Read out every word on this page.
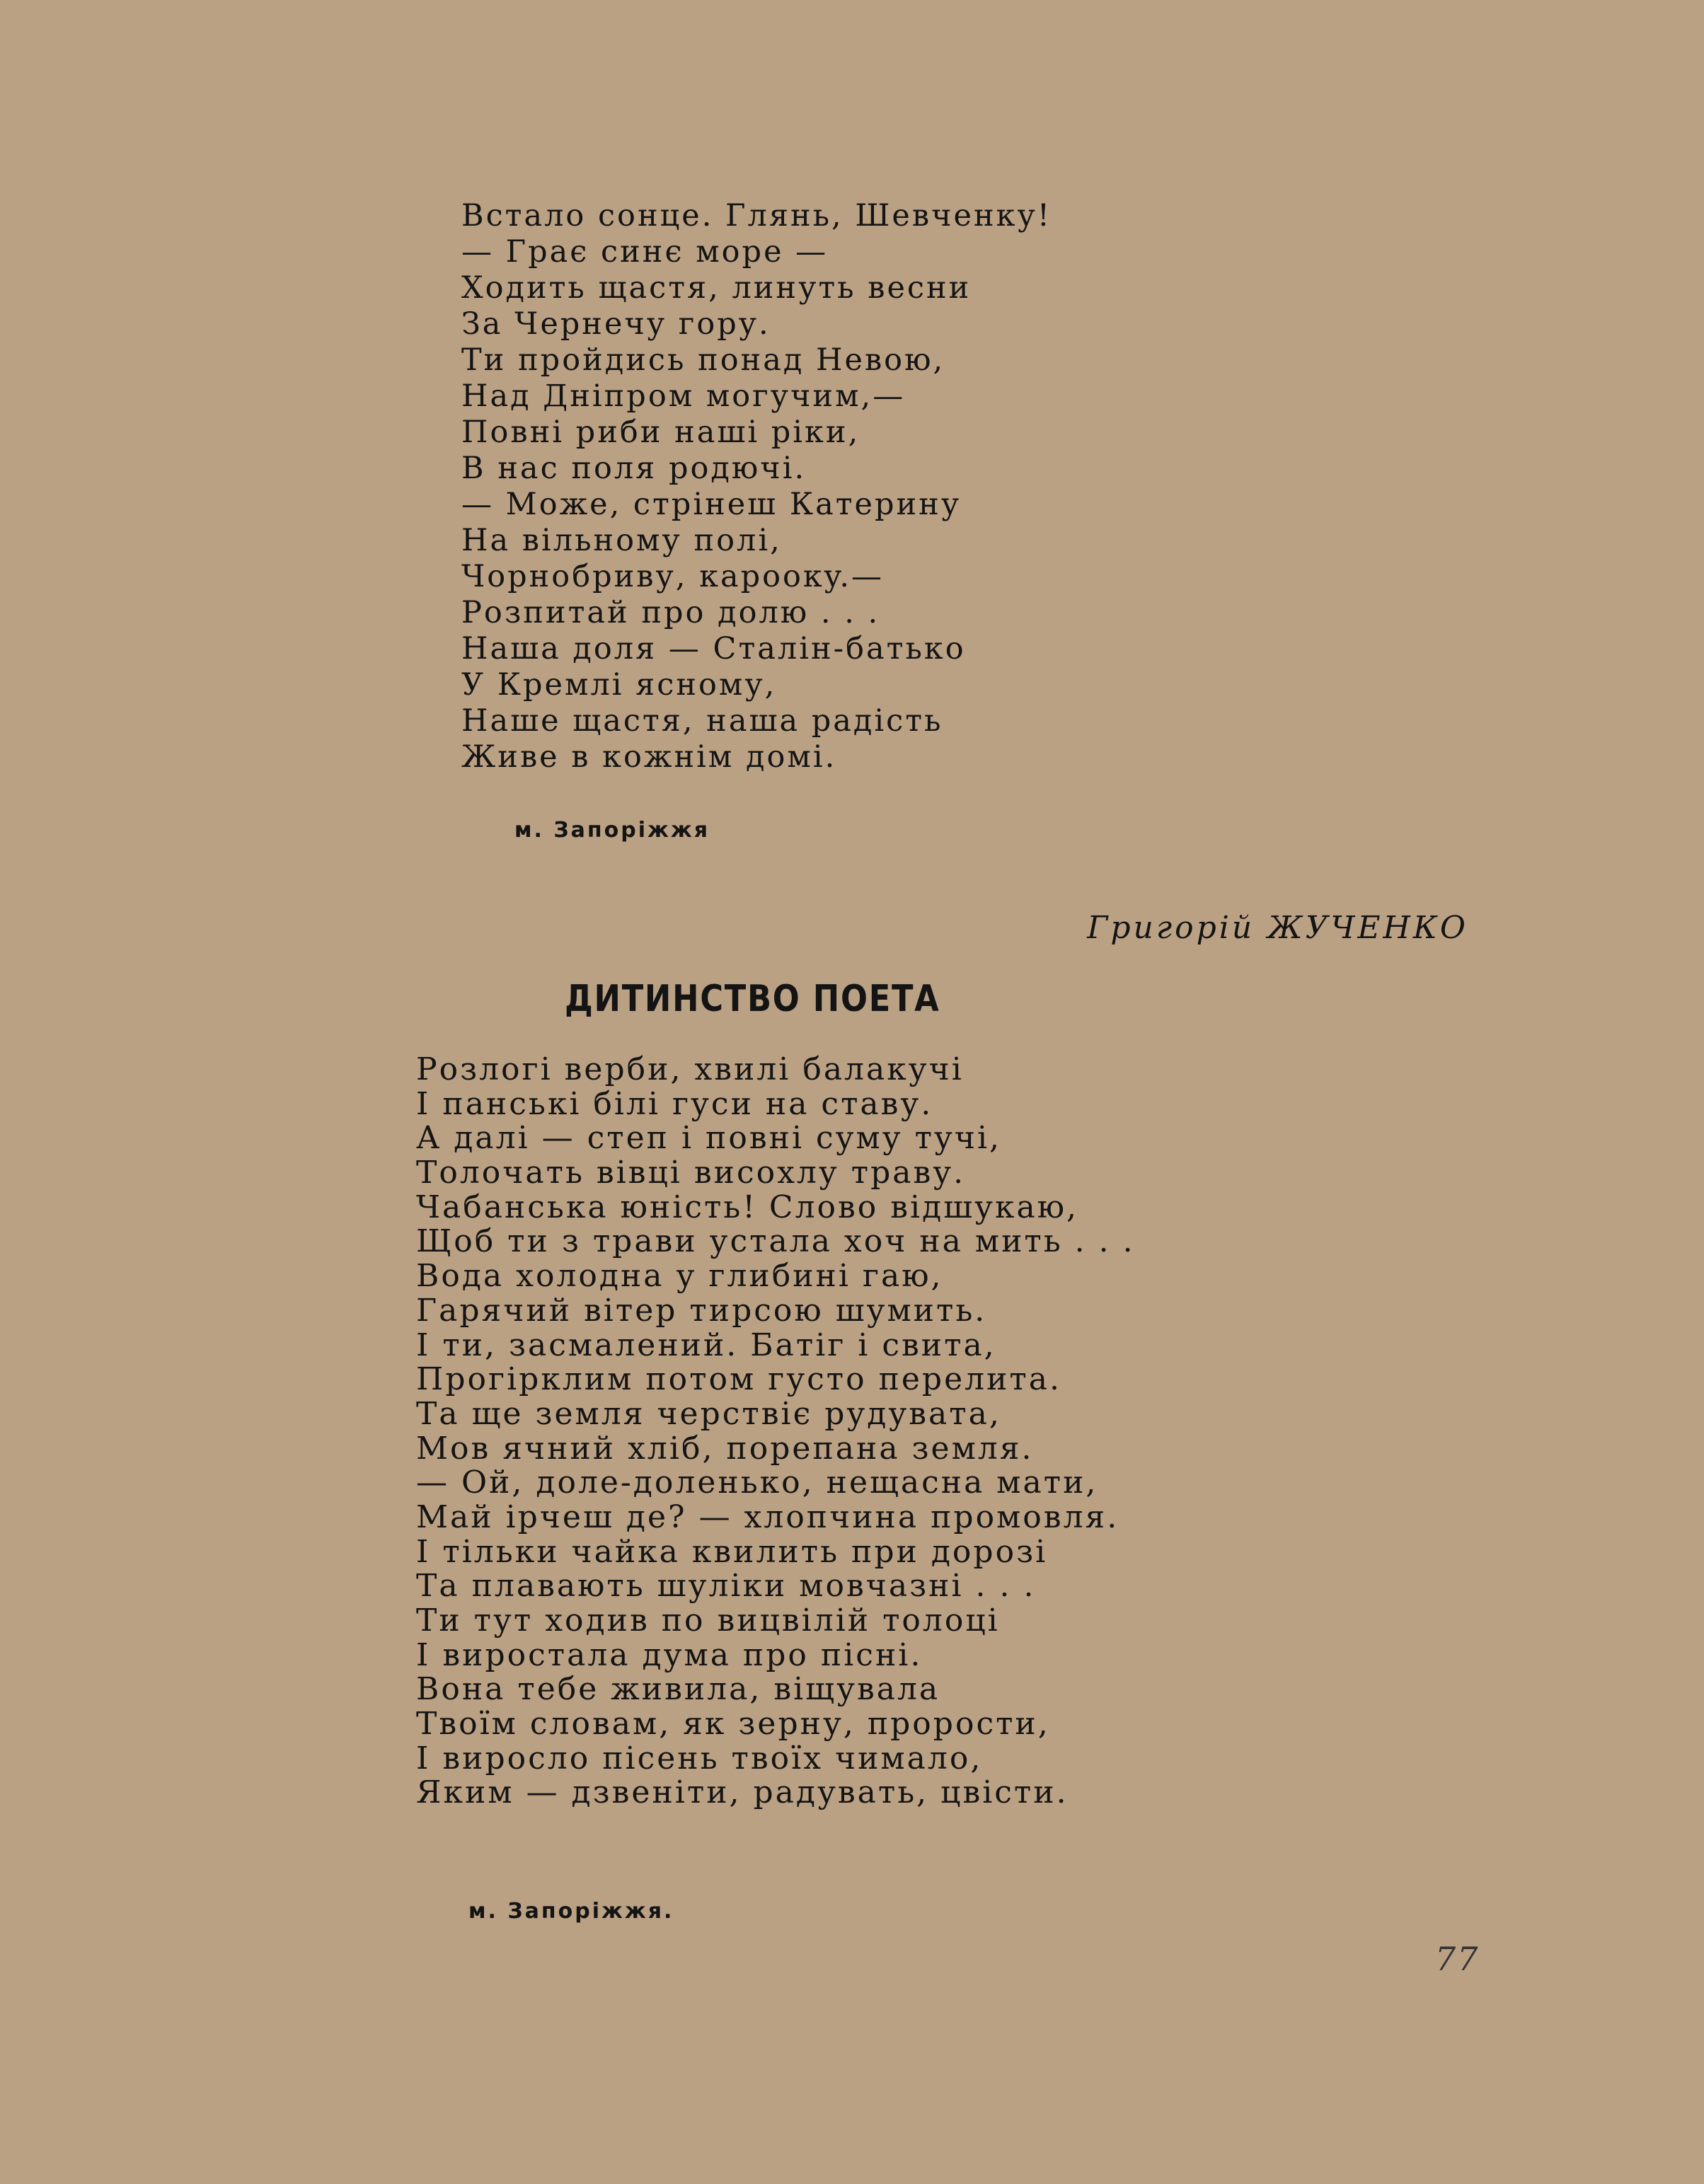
Встало сонце. Глянь, Шевченку!
— Грає синє море —
Ходить щастя, линуть весни
За Чернечу гору.
Ти пройдись понад Невою,
Над Дніпром могучим,—
Повні риби наші ріки,
В нас поля родючі.
— Може, стрінеш Катерину
На вільному полі,
Чорнобриву, кароокy.—
Розпитай про долю . . .
Наша доля — Сталін-батько
У Кремлі ясному,
Наше щастя, наша радість
Живе в кожнім домі.
м. Запоріжжя
Григорій ЖУЧЕНКО
ДИТИНСТВО ПОЕТА
Розлогі верби, хвилі балакучі
І панські білі гуси на ставу.
А далі — степ і повні суму тучі,
Толочать вівці висохлу траву.
Чабанська юність! Слово відшукаю,
Щоб ти з трави устала хоч на мить . . .
Вода холодна у глибині гаю,
Гарячий вітер тирсою шумить.
І ти, засмалений. Батіг і свита,
Прогірклим потом густо перелита.
Та ще земля черствіє рудувата,
Мов ячний хліб, порепана земля.
— Ой, доле-доленько, нещасна мати,
Май ірчеш де? — хлопчина промовля.
І тільки чайка квилить при дорозі
Та плавають шуліки мовчазні . . .
Ти тут ходив по вицвілій толоці
І виростала дума про пісні.
Вона тебе живила, віщувала
Твоїм словам, як зерну, прорости,
І виросло пісень твоїх чимало,
Яким — дзвеніти, радувать, цвісти.
м. Запоріжжя.
77
